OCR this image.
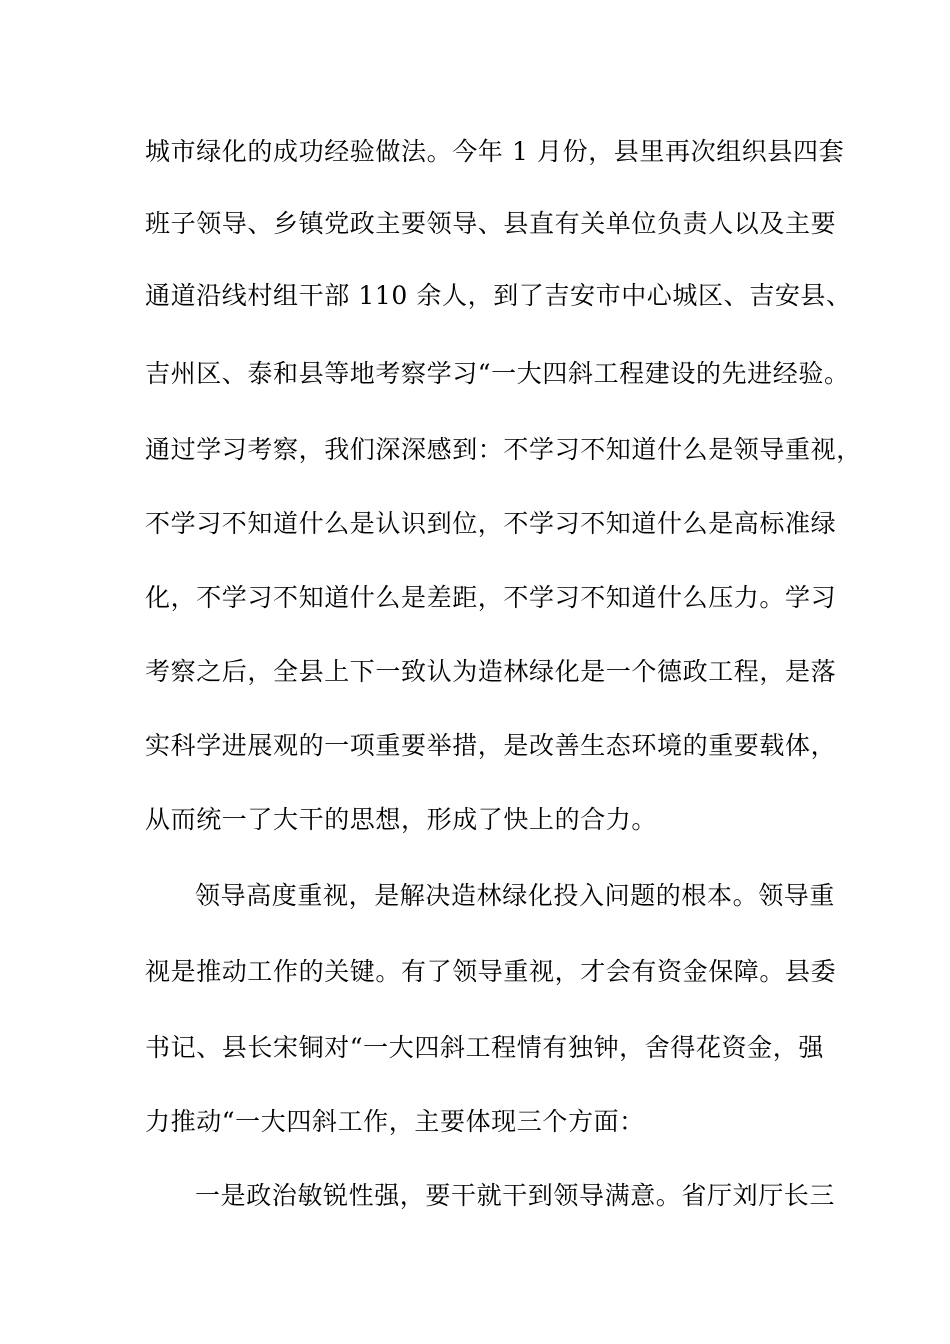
城市绿化的成功经验做法。今年 1 月份，县里再次组织县四套
班子领导、乡镇党政主要领导、县直有关单位负责人以及主要
通道沿线村组干部 110 余人，到了吉安市中心城区、吉安县、
吉州区、泰和县等地考察学习“一大四斜工程建设的先进经验。
通过学习考察，我们深深感到：不学习不知道什么是领导重视，
不学习不知道什么是认识到位，不学习不知道什么是高标准绿
化，不学习不知道什么是差距，不学习不知道什么压力。学习
考察之后，全县上下一致认为造林绿化是一个德政工程，是落
实科学进展观的一项重要举措，是改善生态环境的重要载体，
从而统一了大干的思想，形成了快上的合力。
领导高度重视，是解决造林绿化投入问题的根本。领导重
视是推动工作的关键。有了领导重视，才会有资金保障。县委
书记、县长宋铜对“一大四斜工程情有独钟，舍得花资金，强
力推动“一大四斜工作，主要体现三个方面：
一是政治敏锐性强，要干就干到领导满意。省厅刘厅长三
